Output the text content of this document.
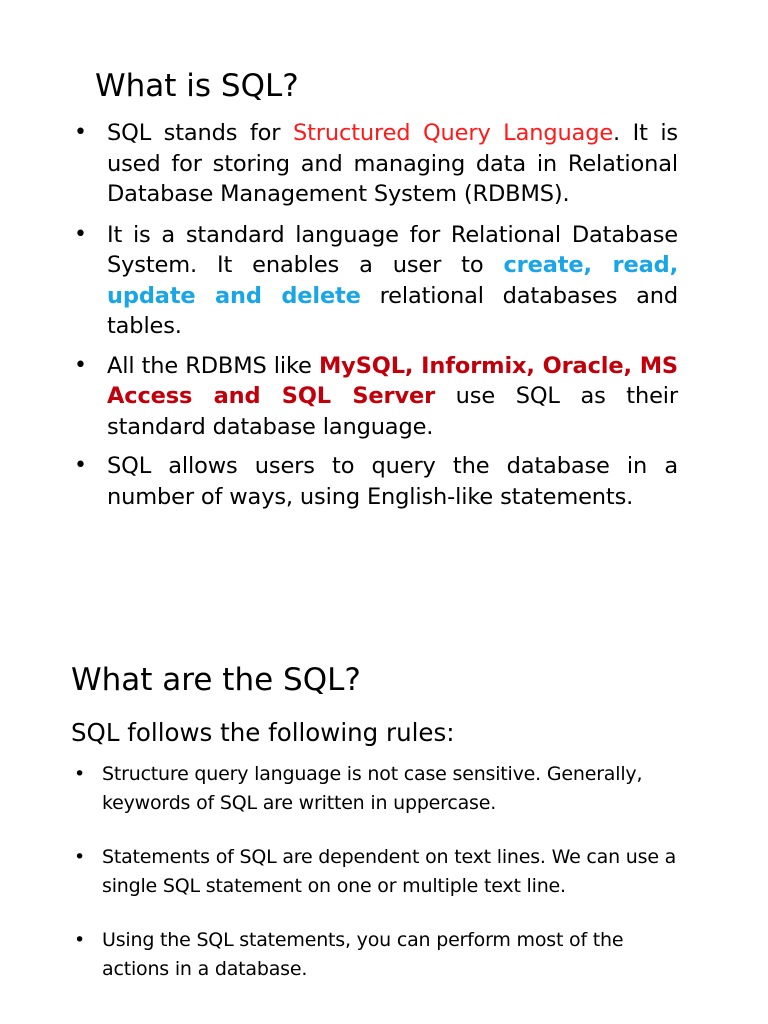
What is SQL?
• SQL stands for Structured Query Language. It is used for storing and managing data in Relational Database Management System (RDBMS).
• It is a standard language for Relational Database System. It enables a user to create, read, update and delete relational databases and tables.
• All the RDBMS like MySQL, Informix, Oracle, MS Access and SQL Server use SQL as their standard database language.
• SQL allows users to query the database in a number of ways, using English-like statements.
What are the SQL?

SQL follows the following rules:

• Structure query language is not case sensitive. Generally, keywords of SQL are written in uppercase.
• Statements of SQL are dependent on text lines. We can use a single SQL statement on one or multiple text line.
• Using the SQL statements, you can perform most of the actions in a database.
